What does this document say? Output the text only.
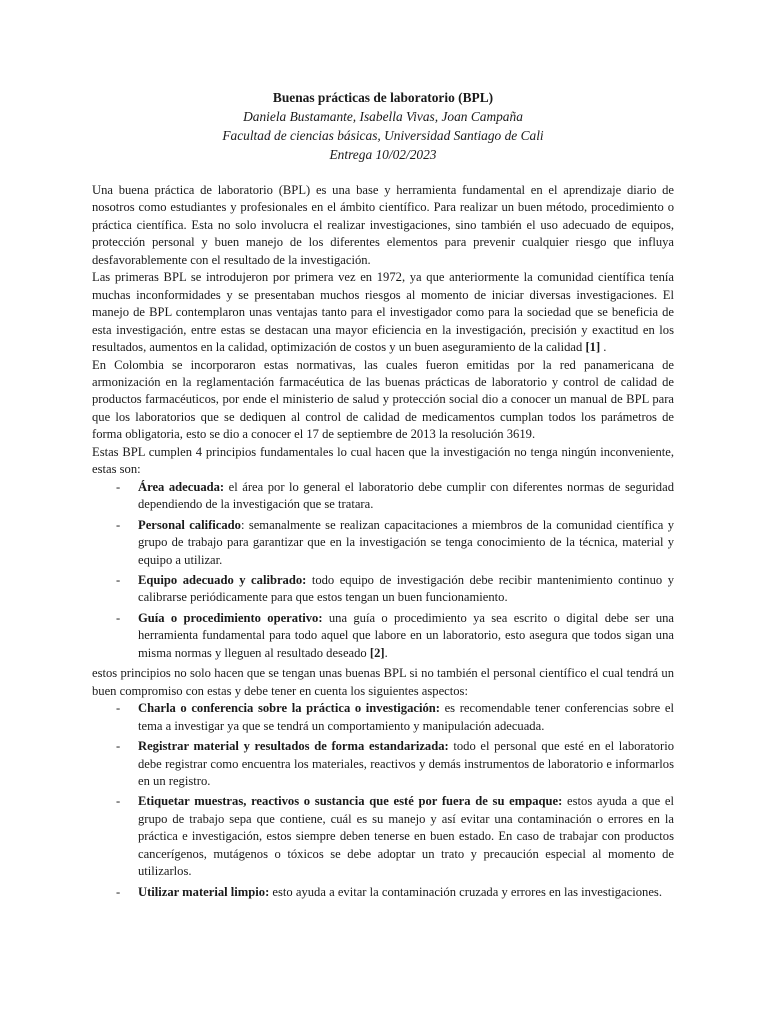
Buenas prácticas de laboratorio (BPL)
Daniela Bustamante, Isabella Vivas, Joan Campaña
Facultad de ciencias básicas, Universidad Santiago de Cali
Entrega 10/02/2023

Una buena práctica de laboratorio (BPL) es una base y herramienta fundamental en el aprendizaje diario de nosotros como estudiantes y profesionales en el ámbito científico. Para realizar un buen método, procedimiento o práctica científica. Esta no solo involucra el realizar investigaciones, sino también el uso adecuado de equipos, protección personal y buen manejo de los diferentes elementos para prevenir cualquier riesgo que influya desfavorablemente con el resultado de la investigación.

Las primeras BPL se introdujeron por primera vez en 1972, ya que anteriormente la comunidad científica tenía muchas inconformidades y se presentaban muchos riesgos al momento de iniciar diversas investigaciones. El manejo de BPL contemplaron unas ventajas tanto para el investigador como para la sociedad que se beneficia de esta investigación, entre estas se destacan una mayor eficiencia en la investigación, precisión y exactitud en los resultados, aumentos en la calidad, optimización de costos y un buen aseguramiento de la calidad [1] .

En Colombia se incorporaron estas normativas, las cuales fueron emitidas por la red panamericana de armonización en la reglamentación farmacéutica de las buenas prácticas de laboratorio y control de calidad de productos farmacéuticos, por ende el ministerio de salud y protección social dio a conocer un manual de BPL para que los laboratorios que se dediquen al control de calidad de medicamentos cumplan todos los parámetros de forma obligatoria, esto se dio a conocer el 17 de septiembre de 2013 la resolución 3619.

Estas BPL cumplen 4 principios fundamentales lo cual hacen que la investigación no tenga ningún inconveniente, estas son:

- Área adecuada: el área por lo general el laboratorio debe cumplir con diferentes normas de seguridad dependiendo de la investigación que se tratara.
- Personal calificado: semanalmente se realizan capacitaciones a miembros de la comunidad científica y grupo de trabajo para garantizar que en la investigación se tenga conocimiento de la técnica, material y equipo a utilizar.
- Equipo adecuado y calibrado: todo equipo de investigación debe recibir mantenimiento continuo y calibrarse periódicamente para que estos tengan un buen funcionamiento.
- Guía o procedimiento operativo: una guía o procedimiento ya sea escrito o digital debe ser una herramienta fundamental para todo aquel que labore en un laboratorio, esto asegura que todos sigan una misma normas y lleguen al resultado deseado [2].

estos principios no solo hacen que se tengan unas buenas BPL si no también el personal científico el cual tendrá un buen compromiso con estas y debe tener en cuenta los siguientes aspectos:

- Charla o conferencia sobre la práctica o investigación: es recomendable tener conferencias sobre el tema a investigar ya que se tendrá un comportamiento y manipulación adecuada.
- Registrar material y resultados de forma estandarizada: todo el personal que esté en el laboratorio debe registrar como encuentra los materiales, reactivos y demás instrumentos de laboratorio e informarlos en un registro.
- Etiquetar muestras, reactivos o sustancia que esté por fuera de su empaque: estos ayuda a que el grupo de trabajo sepa que contiene, cuál es su manejo y así evitar una contaminación o errores en la práctica e investigación, estos siempre deben tenerse en buen estado. En caso de trabajar con productos cancerígenos, mutágenos o tóxicos se debe adoptar un trato y precaución especial al momento de utilizarlos.
- Utilizar material limpio: esto ayuda a evitar la contaminación cruzada y errores en las investigaciones.
